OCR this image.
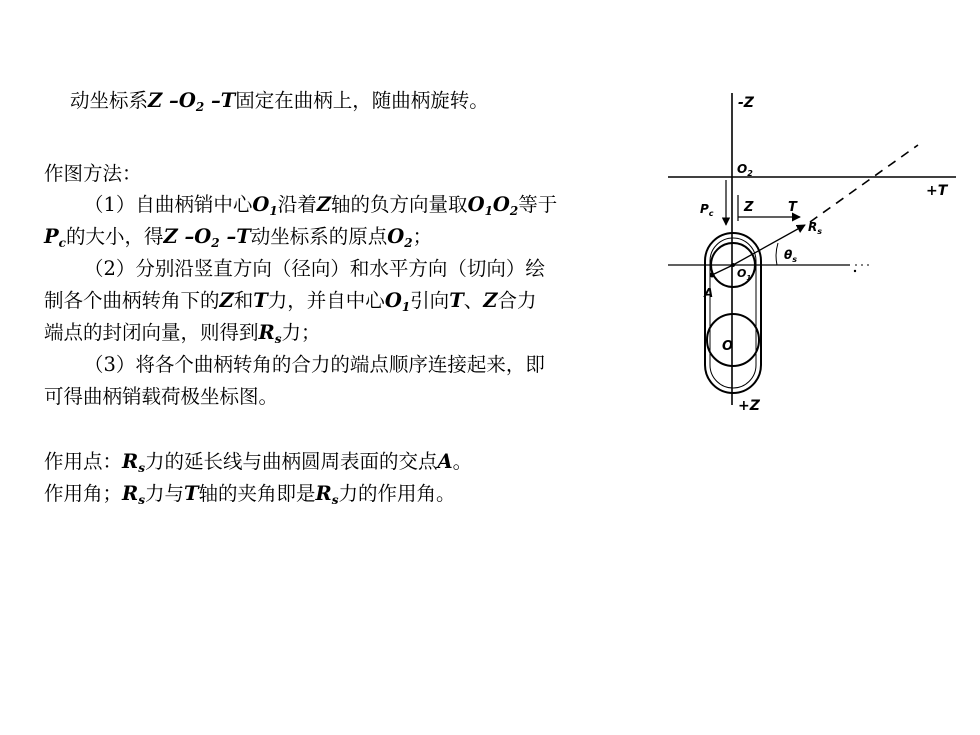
动坐标系Z $-O_2$ –T固定在曲柄上，随曲柄旋转。
作图方法：
（1）自曲柄销中心$O_1$沿着Z轴的负方向量取$O_1O_2$等于
$P_c$的大小，得Z $-O_2$ –T动坐标系的原点$O_2$；
（2）分别沿竖直方向（径向）和水平方向（切向）绘
制各个曲柄转角下的Z和T力，并自中心$O_1$引向T、Z合力
端点的封闭向量，则得到$R_s$力；
（3）将各个曲柄转角的合力的端点顺序连接起来，即
可得曲柄销载荷极坐标图。
作用点：$R_s$力的延长线与曲柄圆周表面的交点A。
作用角；$R_s$力与T轴的夹角即是$R_s$力的作用角。
-Z
+Z
+T
$O_2$
$P_c$ Z	T
$R_s$
$\theta_s$
$O_1$
A
O
